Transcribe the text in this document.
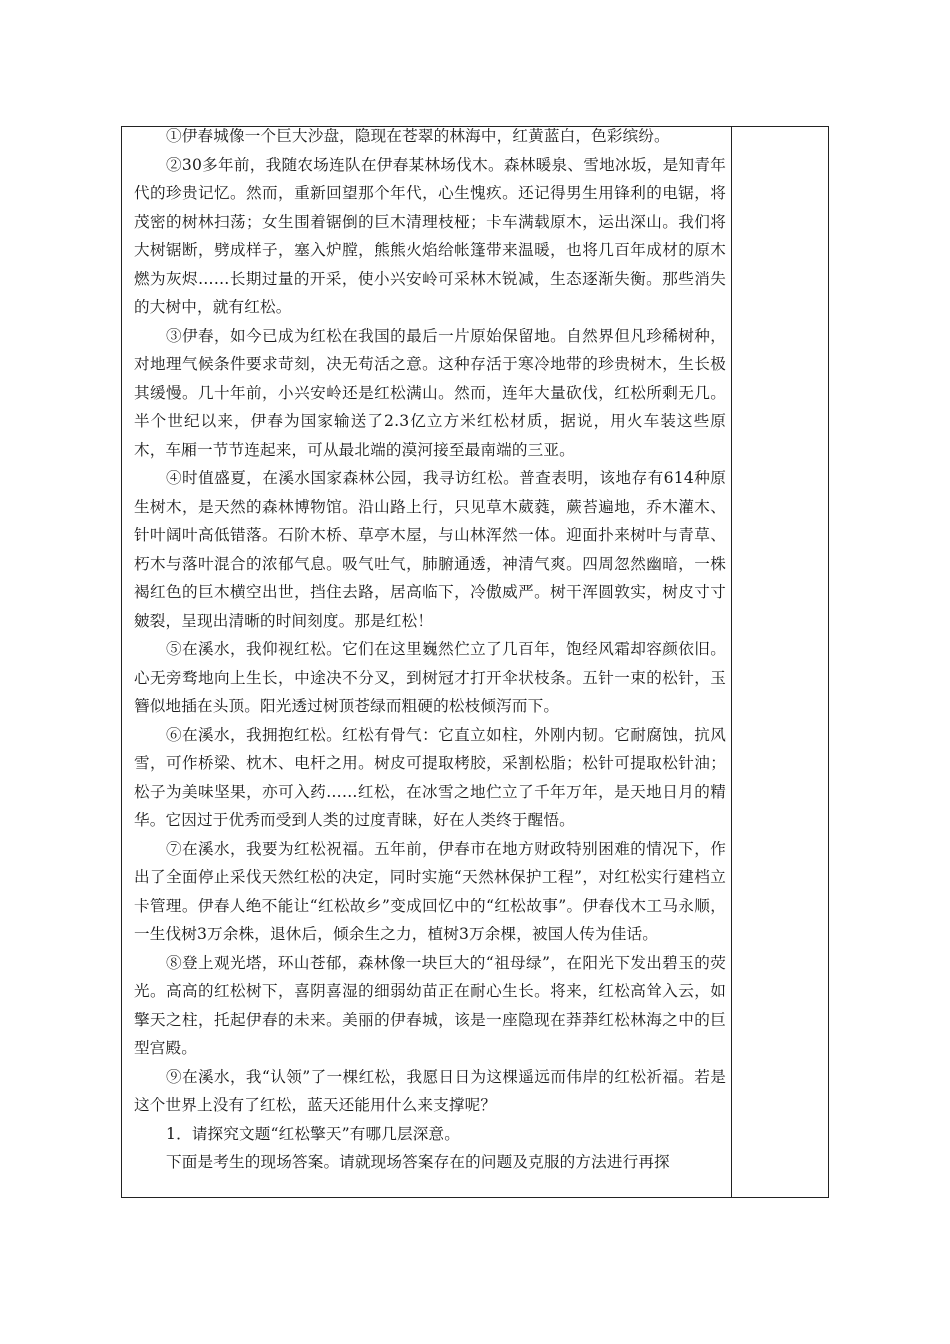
①伊春城像一个巨大沙盘，隐现在苍翠的林海中，红黄蓝白，色彩缤纷。

②30多年前，我随农场连队在伊春某林场伐木。森林暖泉、雪地冰坂，是知青年代的珍贵记忆。然而，重新回望那个年代，心生愧疚。还记得男生用锋利的电锯，将茂密的树林扫荡；女生围着锯倒的巨木清理枝桠；卡车满载原木，运出深山。我们将大树锯断，劈成样子，塞入炉膛，熊熊火焰给帐篷带来温暖，也将几百年成材的原木燃为灰烬……长期过量的开采，使小兴安岭可采林木锐减，生态逐渐失衡。那些消失的大树中，就有红松。

③伊春，如今已成为红松在我国的最后一片原始保留地。自然界但凡珍稀树种，对地理气候条件要求苛刻，决无苟活之意。这种存活于寒冷地带的珍贵树木，生长极其缓慢。几十年前，小兴安岭还是红松满山。然而，连年大量砍伐，红松所剩无几。半个世纪以来，伊春为国家输送了2.3亿立方米红松材质，据说，用火车装这些原木，车厢一节节连起来，可从最北端的漠河接至最南端的三亚。

④时值盛夏，在溪水国家森林公园，我寻访红松。普查表明，该地存有614种原生树木，是天然的森林博物馆。沿山路上行，只见草木葳蕤，蕨苔遍地，乔木灌木、针叶阔叶高低错落。石阶木桥、草亭木屋，与山林浑然一体。迎面扑来树叶与青草、朽木与落叶混合的浓郁气息。吸气吐气，肺腑通透，神清气爽。四周忽然幽暗，一株褐红色的巨木横空出世，挡住去路，居高临下，冷傲威严。树干浑圆敦实，树皮寸寸皴裂，呈现出清晰的时间刻度。那是红松！

⑤在溪水，我仰视红松。它们在这里巍然伫立了几百年，饱经风霜却容颜依旧。心无旁骛地向上生长，中途决不分叉，到树冠才打开伞状枝条。五针一束的松针，玉簪似地插在头顶。阳光透过树顶苍绿而粗硬的松枝倾泻而下。

⑥在溪水，我拥抱红松。红松有骨气：它直立如柱，外刚内韧。它耐腐蚀，抗风雪，可作桥梁、枕木、电杆之用。树皮可提取栲胶，采割松脂；松针可提取松针油；松子为美味坚果，亦可入药……红松，在冰雪之地伫立了千年万年，是天地日月的精华。它因过于优秀而受到人类的过度青睐，好在人类终于醒悟。

⑦在溪水，我要为红松祝福。五年前，伊春市在地方财政特别困难的情况下，作出了全面停止采伐天然红松的决定，同时实施“天然林保护工程”，对红松实行建档立卡管理。伊春人绝不能让“红松故乡”变成回忆中的“红松故事”。伊春伐木工马永顺，一生伐树3万余株，退休后，倾余生之力，植树3万余棵，被国人传为佳话。

⑧登上观光塔，环山苍郁，森林像一块巨大的“祖母绿”，在阳光下发出碧玉的荧光。高高的红松树下，喜阴喜湿的细弱幼苗正在耐心生长。将来，红松高耸入云，如擎天之柱，托起伊春的未来。美丽的伊春城，该是一座隐现在莽莽红松林海之中的巨型宫殿。

⑨在溪水，我“认领”了一棵红松，我愿日日为这棵遥远而伟岸的红松祈福。若是这个世界上没有了红松，蓝天还能用什么来支撑呢？

1．请探究文题“红松擎天”有哪几层深意。

下面是考生的现场答案。请就现场答案存在的问题及克服的方法进行再探
